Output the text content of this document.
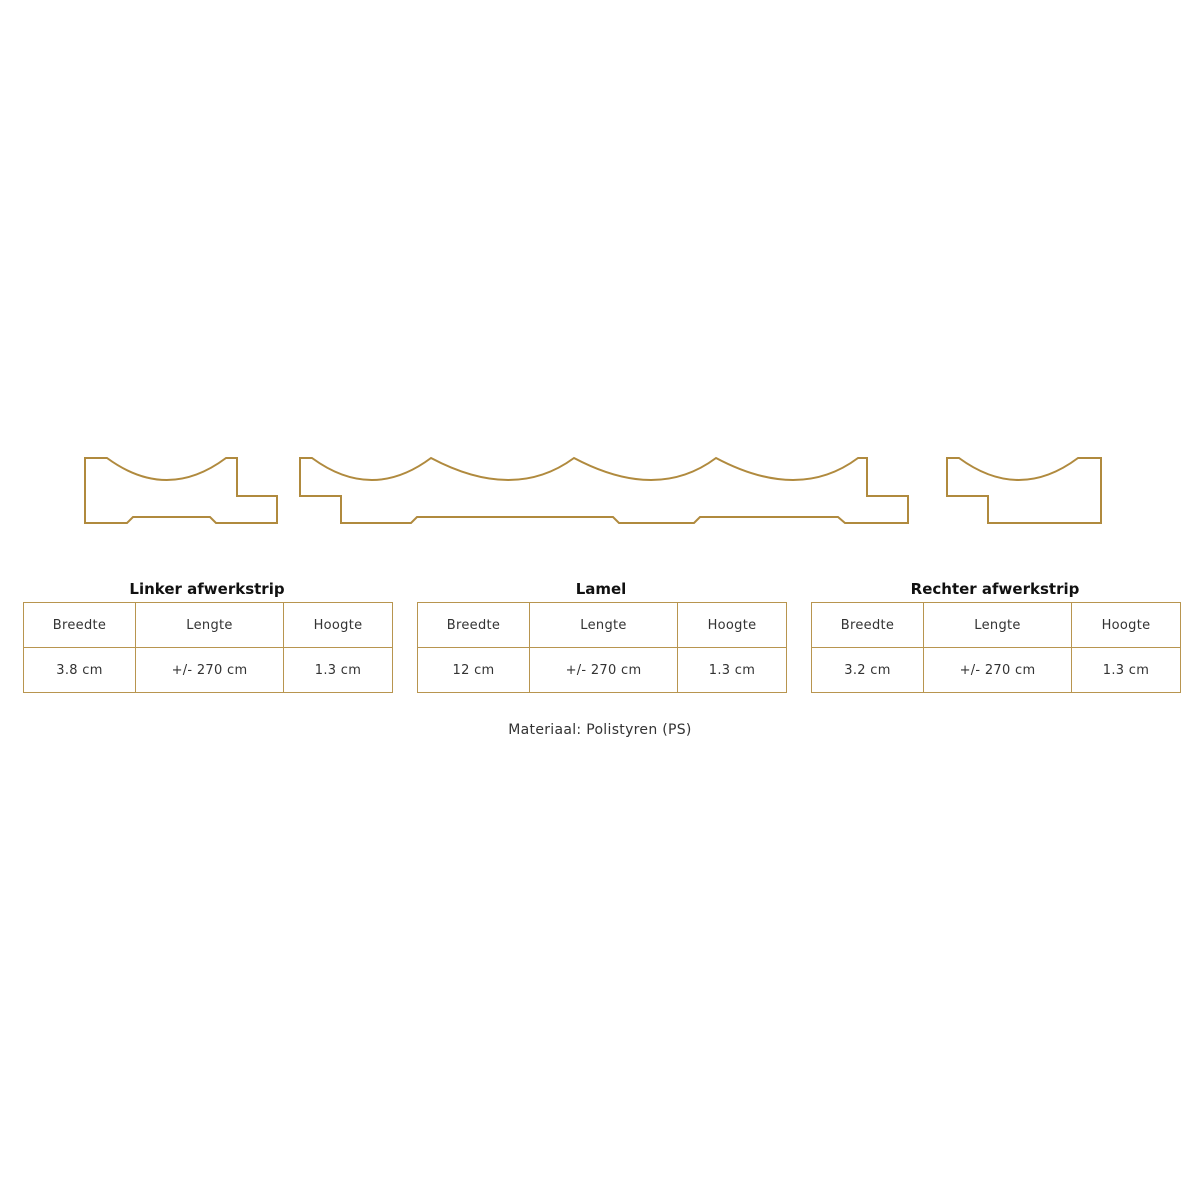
Linker afwerkstrip
Breedte	Lengte	Hoogte
3.8 cm	+/- 270 cm	1.3 cm
Lamel
Breedte	Lengte	Hoogte
12 cm	+/- 270 cm	1.3 cm
Rechter afwerkstrip
Breedte	Lengte	Hoogte
3.2 cm	+/- 270 cm	1.3 cm
Materiaal: Polistyren (PS)
